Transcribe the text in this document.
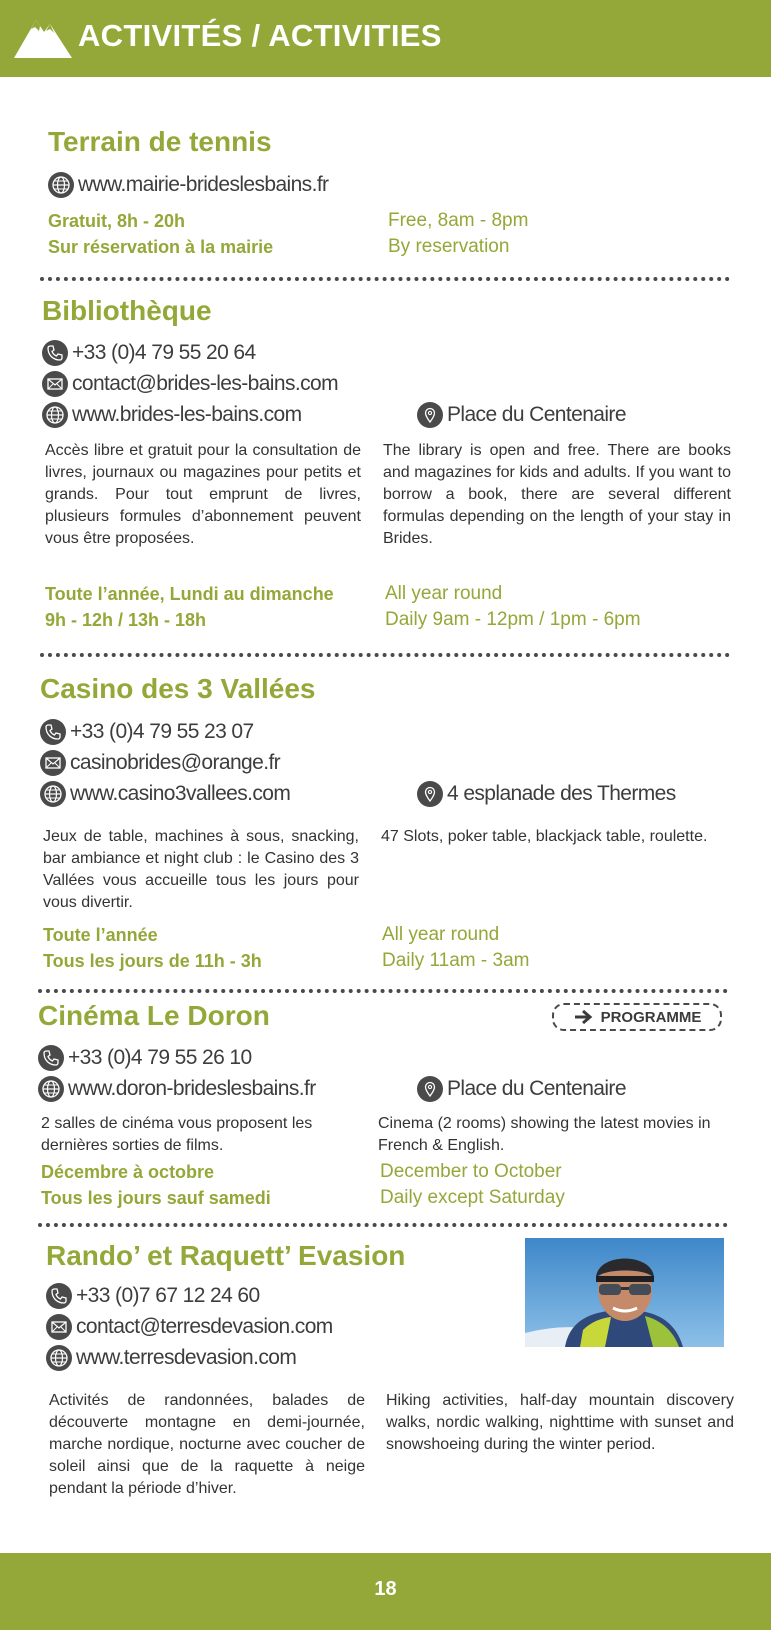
ACTIVITÉS / ACTIVITIES
Terrain de tennis
www.mairie-brideslesbains.fr
Gratuit, 8h - 20h
Sur réservation à la mairie
Free, 8am - 8pm
By reservation
Bibliothèque
+33 (0)4 79 55 20 64
contact@brides-les-bains.com
www.brides-les-bains.com	Place du Centenaire
Accès libre et gratuit pour la consultation de livres, journaux ou magazines pour petits et grands. Pour tout emprunt de livres, plusieurs formules d’abonnement peuvent vous être proposées.
The library is open and free. There are books and magazines for kids and adults. If you want to borrow a book, there are several different formulas depending on the length of your stay in Brides.
Toute l’année, Lundi au dimanche
9h - 12h / 13h - 18h
All year round
Daily 9am - 12pm / 1pm - 6pm
Casino des 3 Vallées
+33 (0)4 79 55 23 07
casinobrides@orange.fr
www.casino3vallees.com	4 esplanade des Thermes
Jeux de table, machines à sous, snacking, bar ambiance et night club : le Casino des 3 Vallées vous accueille tous les jours pour vous divertir.
47 Slots, poker table, blackjack table, roulette.
Toute l’année
Tous les jours de 11h - 3h
All year round
Daily 11am - 3am
Cinéma Le Doron	PROGRAMME
+33 (0)4 79 55 26 10
www.doron-brideslesbains.fr	Place du Centenaire
2 salles de cinéma vous proposent les dernières sorties de films.
Cinema (2 rooms) showing the latest movies in French & English.
Décembre à octobre
Tous les jours sauf samedi
December to October
Daily except Saturday
Rando’ et Raquett’ Evasion
+33 (0)7 67 12 24 60
contact@terresdevasion.com
www.terresdevasion.com
Activités de randonnées, balades de découverte montagne en demi-journée, marche nordique, nocturne avec coucher de soleil ainsi que de la raquette à neige pendant la période d’hiver.
Hiking activities, half-day mountain discovery walks, nordic walking, nighttime with sunset and snowshoeing during the winter period.
18
